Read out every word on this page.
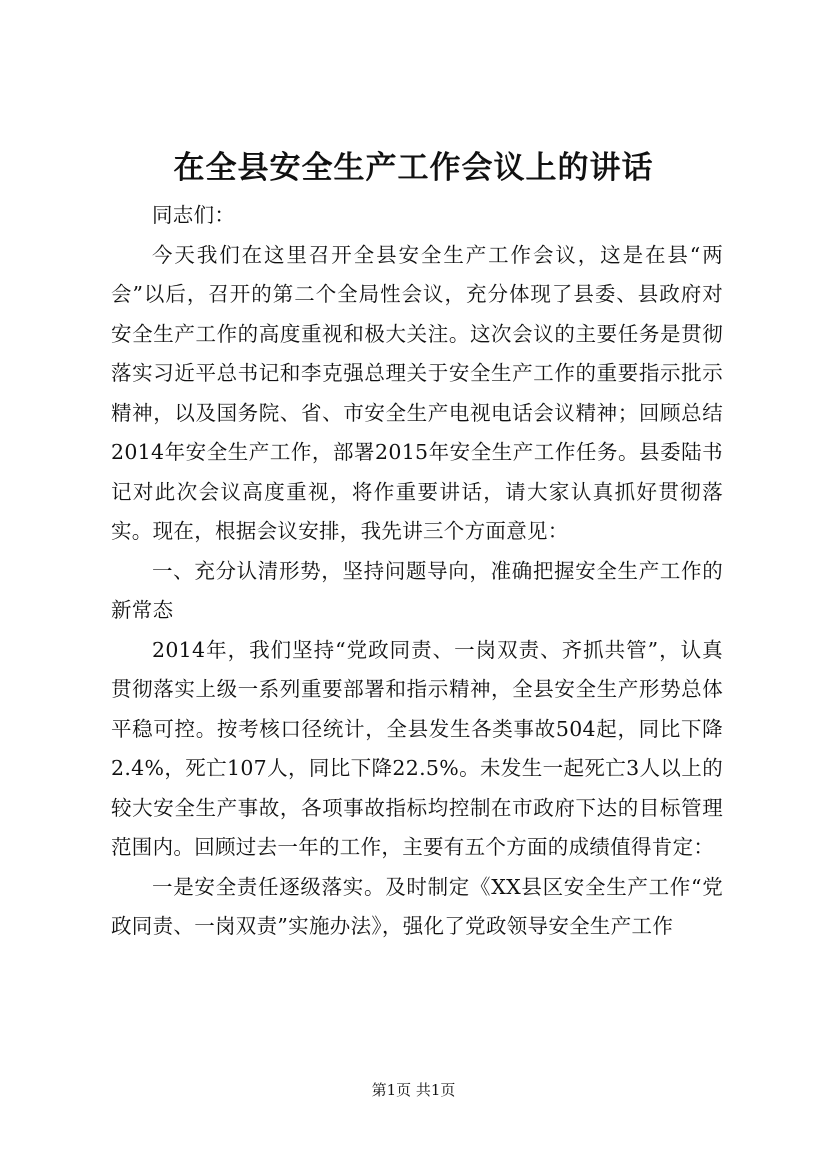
在全县安全生产工作会议上的讲话

同志们：

今天我们在这里召开全县安全生产工作会议，这是在县“两会”以后，召开的第二个全局性会议，充分体现了县委、县政府对安全生产工作的高度重视和极大关注。这次会议的主要任务是贯彻落实习近平总书记和李克强总理关于安全生产工作的重要指示批示精神，以及国务院、省、市安全生产电视电话会议精神；回顾总结2014年安全生产工作，部署2015年安全生产工作任务。县委陆书记对此次会议高度重视，将作重要讲话，请大家认真抓好贯彻落实。现在，根据会议安排，我先讲三个方面意见：

一、充分认清形势，坚持问题导向，准确把握安全生产工作的新常态

2014年，我们坚持“党政同责、一岗双责、齐抓共管”，认真贯彻落实上级一系列重要部署和指示精神，全县安全生产形势总体平稳可控。按考核口径统计，全县发生各类事故504起，同比下降2.4%，死亡107人，同比下降22.5%。未发生一起死亡3人以上的较大安全生产事故，各项事故指标均控制在市政府下达的目标管理范围内。回顾过去一年的工作，主要有五个方面的成绩值得肯定：

一是安全责任逐级落实。及时制定《XX县区安全生产工作“党政同责、一岗双责”实施办法》，强化了党政领导安全生产工作

第1页 共1页
